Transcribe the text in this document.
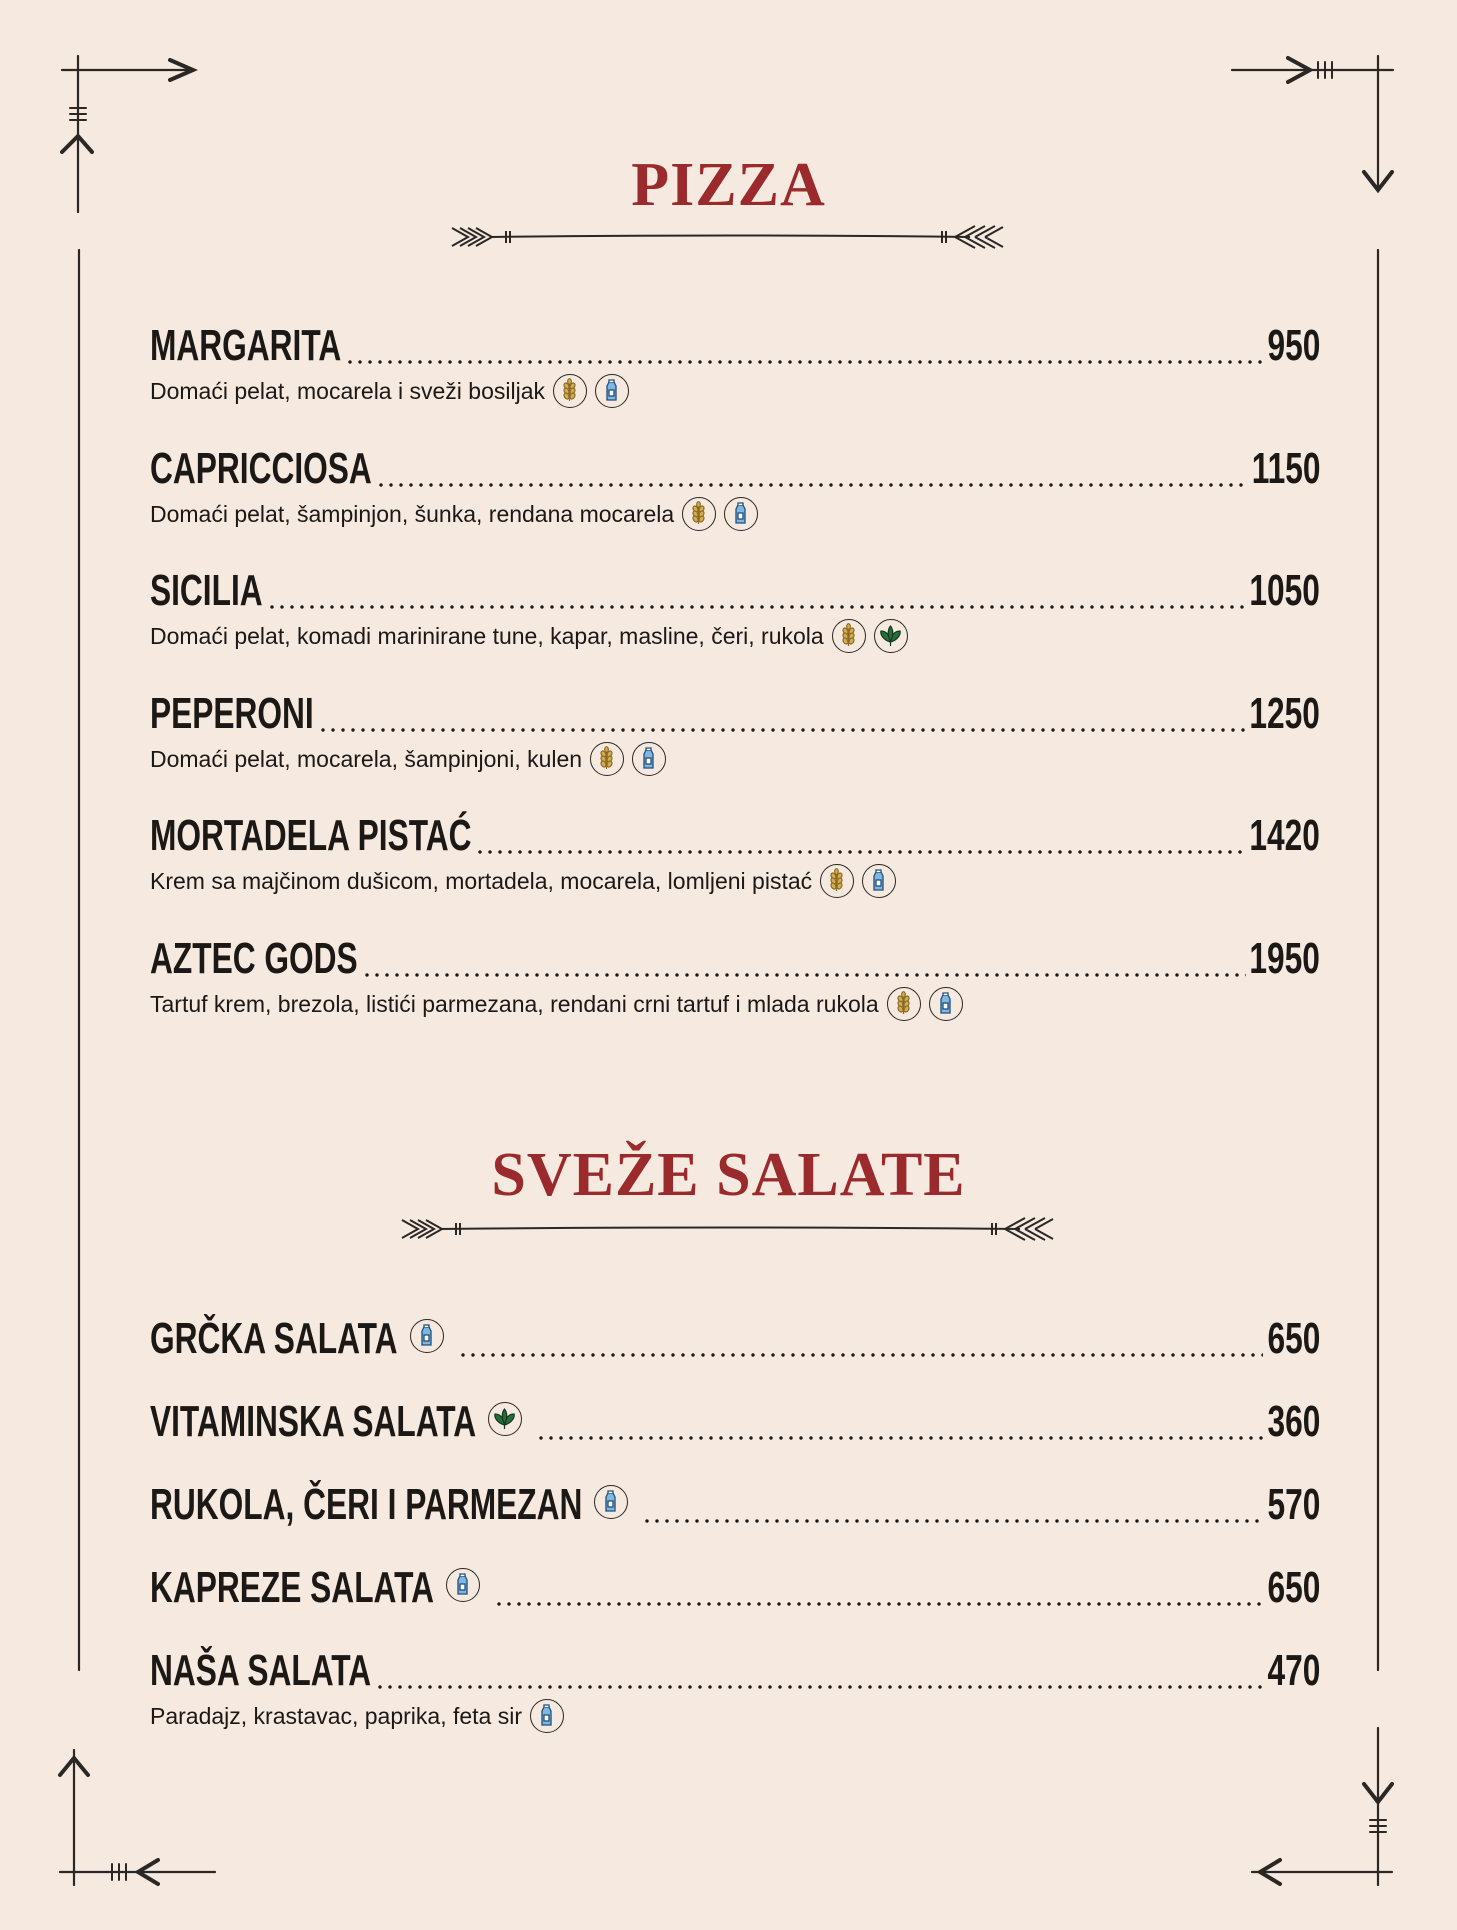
PIZZA
MARGARITA	950
Domaći pelat, mocarela i sveži bosiljak
CAPRICCIOSA	1150
Domaći pelat, šampinjon, šunka, rendana mocarela
SICILIA	1050
Domaći pelat, komadi marinirane tune, kapar, masline, čeri, rukola
PEPERONI	1250
Domaći pelat, mocarela, šampinjoni, kulen
MORTADELA PISTAĆ	1420
Krem sa majčinom dušicom, mortadela, mocarela, lomljeni pistać
AZTEC GODS	1950
Tartuf krem, brezola, listići parmezana, rendani crni tartuf i mlada rukola
SVEŽE SALATE
GRČKA SALATA	650
VITAMINSKA SALATA	360
RUKOLA, ČERI I PARMEZAN	570
KAPREZE SALATA	650
NAŠA SALATA	470
Paradajz, krastavac, paprika, feta sir
